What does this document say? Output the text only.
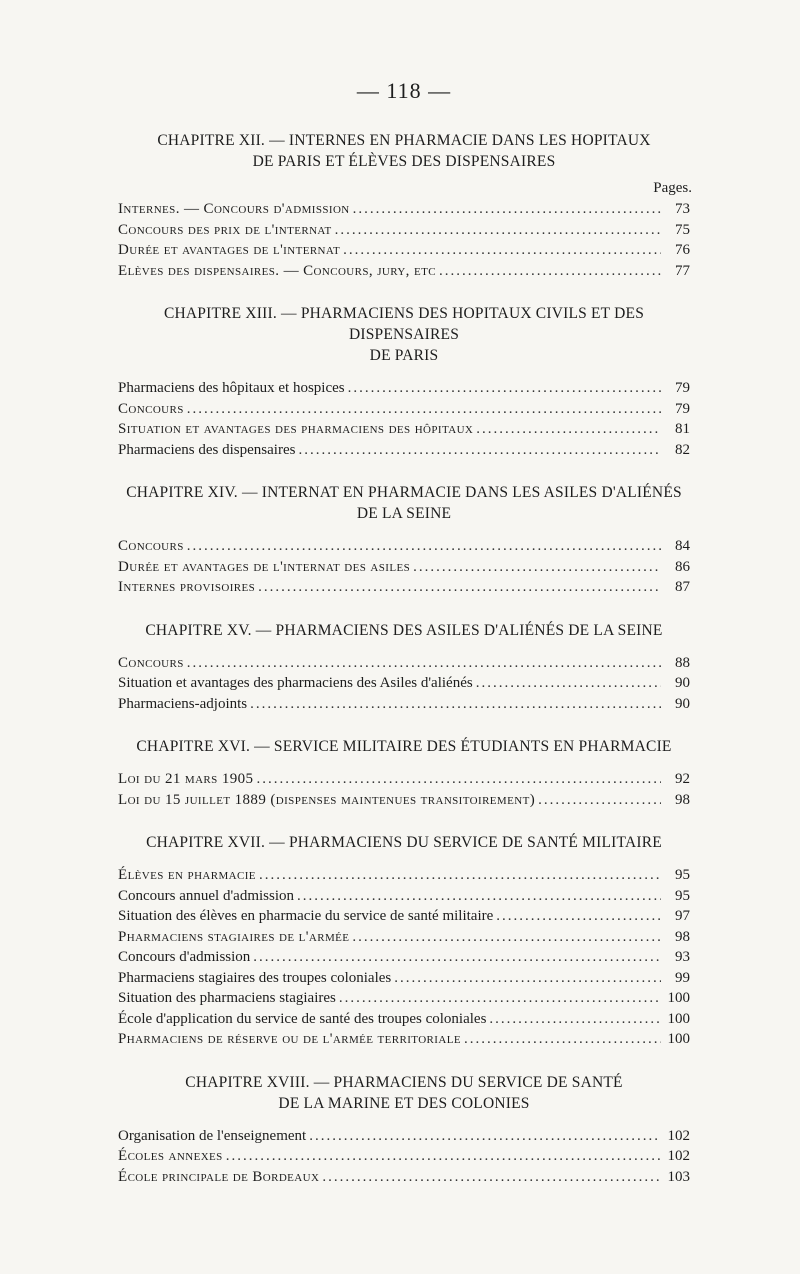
— 118 —
CHAPITRE XII. — INTERNES EN PHARMACIE DANS LES HOPITAUX
DE PARIS ET ÉLÈVES DES DISPENSAIRES
Pages.
Internes. — Concours d'admission .....	73
Concours des prix de l'internat .....	75
Durée et avantages de l'internat .....	76
Elèves des dispensaires. — Concours, jury, etc .....	77
CHAPITRE XIII. — PHARMACIENS DES HOPITAUX CIVILS ET DES DISPENSAIRES
DE PARIS
Pharmaciens des hôpitaux et hospices .....	79
Concours .....	79
Situation et avantages des pharmaciens des hôpitaux .....	81
Pharmaciens des dispensaires .....	82
CHAPITRE XIV. — INTERNAT EN PHARMACIE DANS LES ASILES D'ALIÉNÉS
DE LA SEINE
Concours .....	84
Durée et avantages de l'internat des asiles .....	86
Internes provisoires .....	87
CHAPITRE XV. — PHARMACIENS DES ASILES D'ALIÉNÉS DE LA SEINE
Concours .....	88
Situation et avantages des pharmaciens des Asiles d'aliénés .....	90
Pharmaciens-adjoints .....	90
CHAPITRE XVI. — SERVICE MILITAIRE DES ÉTUDIANTS EN PHARMACIE
Loi du 21 mars 1905 .....	92
Loi du 15 juillet 1889 (dispenses maintenues transitoirement) .....	98
CHAPITRE XVII. — PHARMACIENS DU SERVICE DE SANTÉ MILITAIRE
Élèves en pharmacie .....	95
Concours annuel d'admission .....	95
Situation des élèves en pharmacie du service de santé militaire .....	97
Pharmaciens stagiaires de l'armée .....	98
Concours d'admission .....	93
Pharmaciens stagiaires des troupes coloniales .....	99
Situation des pharmaciens stagiaires .....	100
École d'application du service de santé des troupes coloniales .....	100
Pharmaciens de réserve ou de l'armée territoriale .....	100
CHAPITRE XVIII. — PHARMACIENS DU SERVICE DE SANTÉ
DE LA MARINE ET DES COLONIES
Organisation de l'enseignement .....	102
Écoles annexes .....	102
École principale de Bordeaux .....	103
